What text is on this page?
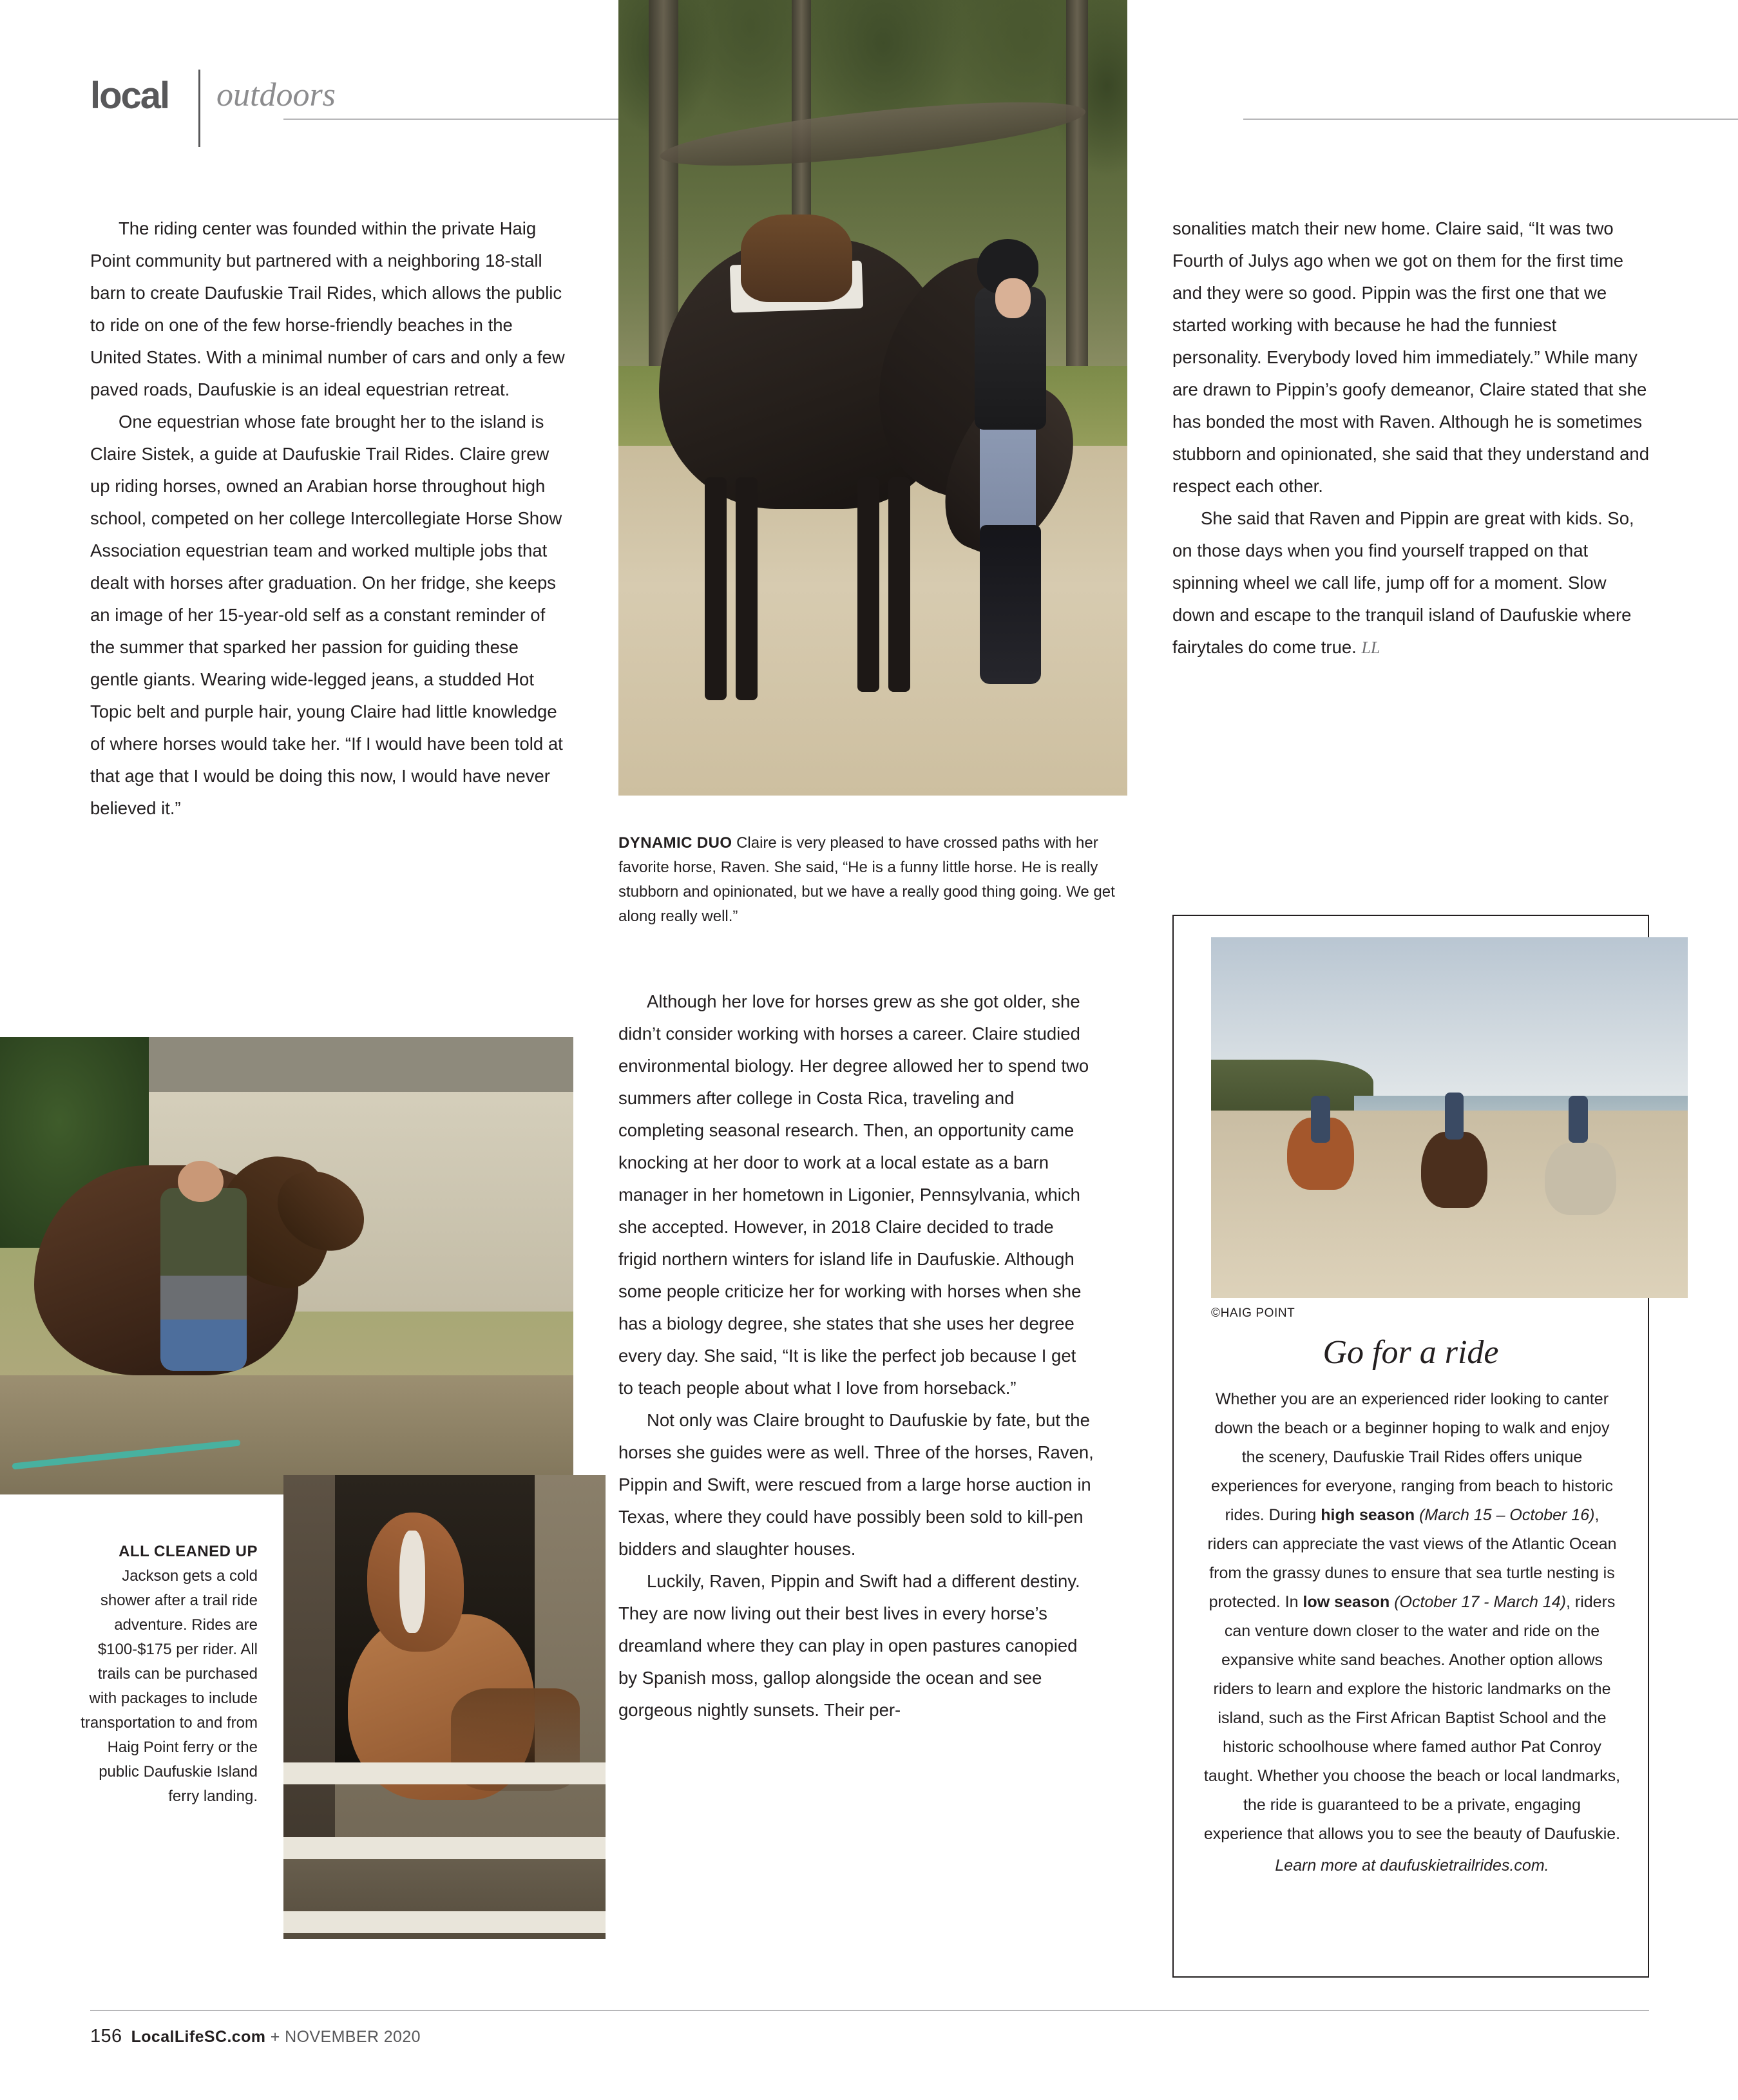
local outdoors

The riding center was founded within the private Haig Point community but partnered with a neighboring 18-stall barn to create Daufuskie Trail Rides, which allows the public to ride on one of the few horse-friendly beaches in the United States. With a minimal number of cars and only a few paved roads, Daufuskie is an ideal equestrian retreat.

One equestrian whose fate brought her to the island is Claire Sistek, a guide at Daufuskie Trail Rides. Claire grew up riding horses, owned an Arabian horse throughout high school, competed on her college Intercollegiate Horse Show Association equestrian team and worked multiple jobs that dealt with horses after graduation. On her fridge, she keeps an image of her 15-year-old self as a constant reminder of the summer that sparked her passion for guiding these gentle giants. Wearing wide-legged jeans, a studded Hot Topic belt and purple hair, young Claire had little knowledge of where horses would take her. “If I would have been told at that age that I would be doing this now, I would have never believed it.”

DYNAMIC DUO Claire is very pleased to have crossed paths with her favorite horse, Raven. She said, “He is a funny little horse. He is really stubborn and opinionated, but we have a really good thing going. We get along really well.”

Although her love for horses grew as she got older, she didn’t consider working with horses a career. Claire studied environmental biology. Her degree allowed her to spend two summers after college in Costa Rica, traveling and completing seasonal research. Then, an opportunity came knocking at her door to work at a local estate as a barn manager in her hometown in Ligonier, Pennsylvania, which she accepted. However, in 2018 Claire decided to trade frigid northern winters for island life in Daufuskie. Although some people criticize her for working with horses when she has a biology degree, she states that she uses her degree every day. She said, “It is like the perfect job because I get to teach people about what I love from horseback.”

Not only was Claire brought to Daufuskie by fate, but the horses she guides were as well. Three of the horses, Raven, Pippin and Swift, were rescued from a large horse auction in Texas, where they could have possibly been sold to kill-pen bidders and slaughter houses.

Luckily, Raven, Pippin and Swift had a different destiny. They are now living out their best lives in every horse’s dreamland where they can play in open pastures canopied by Spanish moss, gallop alongside the ocean and see gorgeous nightly sunsets. Their per-

ALL CLEANED UP
Jackson gets a cold shower after a trail ride adventure. Rides are $100-$175 per rider. All trails can be purchased with packages to include transportation to and from Haig Point ferry or the public Daufuskie Island ferry landing.

sonalities match their new home. Claire said, “It was two Fourth of Julys ago when we got on them for the first time and they were so good. Pippin was the first one that we started working with because he had the funniest personality. Everybody loved him immediately.” While many are drawn to Pippin’s goofy demeanor, Claire stated that she has bonded the most with Raven. Although he is sometimes stubborn and opinionated, she said that they understand and respect each other.

She said that Raven and Pippin are great with kids. So, on those days when you find yourself trapped on that spinning wheel we call life, jump off for a moment. Slow down and escape to the tranquil island of Daufuskie where fairytales do come true. LL

©HAIG POINT
Go for a ride
Whether you are an experienced rider looking to canter down the beach or a beginner hoping to walk and enjoy the scenery, Daufuskie Trail Rides offers unique experiences for everyone, ranging from beach to historic rides. During high season (March 15 – October 16), riders can appreciate the vast views of the Atlantic Ocean from the grassy dunes to ensure that sea turtle nesting is protected. In low season (October 17 - March 14), riders can venture down closer to the water and ride on the expansive white sand beaches. Another option allows riders to learn and explore the historic landmarks on the island, such as the First African Baptist School and the historic schoolhouse where famed author Pat Conroy taught. Whether you choose the beach or local landmarks, the ride is guaranteed to be a private, engaging experience that allows you to see the beauty of Daufuskie.
Learn more at daufuskietrailrides.com.
156 LocalLifeSC.com + NOVEMBER 2020
